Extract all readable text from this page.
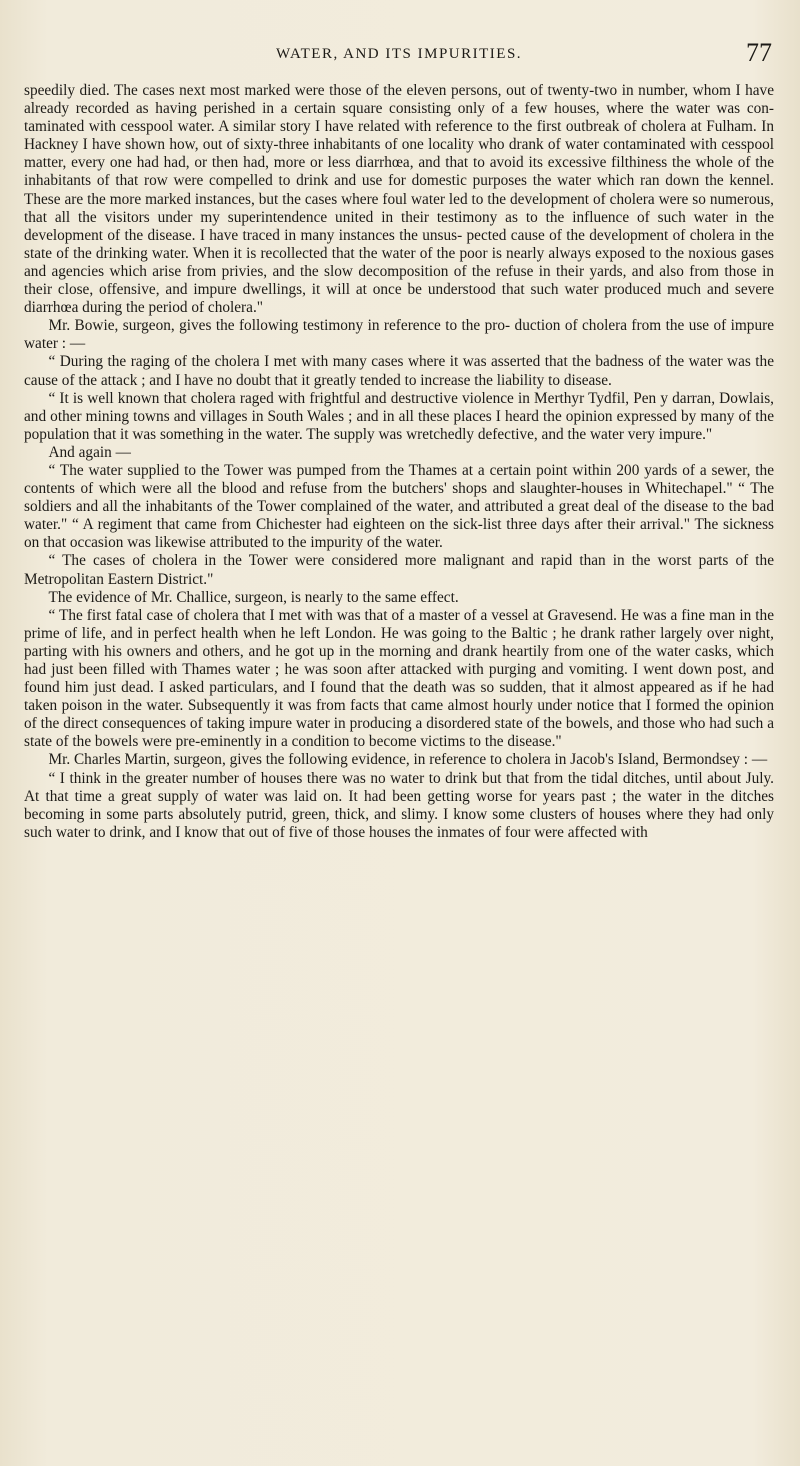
WATER, AND ITS IMPURITIES.	77

speedily died. The cases next most marked were those of the eleven persons, out of twenty-two in number, whom I have already recorded as having perished in a certain square consisting only of a few houses, where the water was con- taminated with cesspool water. A similar story I have related with reference to the first outbreak of cholera at Fulham. In Hackney I have shown how, out of sixty-three inhabitants of one locality who drank of water contaminated with cesspool matter, every one had had, or then had, more or less diarrhœa, and that to avoid its excessive filthiness the whole of the inhabitants of that row were compelled to drink and use for domestic purposes the water which ran down the kennel. These are the more marked instances, but the cases where foul water led to the development of cholera were so numerous, that all the visitors under my superintendence united in their testimony as to the influence of such water in the development of the disease. I have traced in many instances the unsus- pected cause of the development of cholera in the state of the drinking water. When it is recollected that the water of the poor is nearly always exposed to the noxious gases and agencies which arise from privies, and the slow decomposition of the refuse in their yards, and also from those in their close, offensive, and impure dwellings, it will at once be understood that such water produced much and severe diarrhœa during the period of cholera."

Mr. Bowie, surgeon, gives the following testimony in reference to the pro- duction of cholera from the use of impure water : —

“ During the raging of the cholera I met with many cases where it was asserted that the badness of the water was the cause of the attack ; and I have no doubt that it greatly tended to increase the liability to disease.

“ It is well known that cholera raged with frightful and destructive violence in Merthyr Tydfil, Pen y darran, Dowlais, and other mining towns and villages in South Wales ; and in all these places I heard the opinion expressed by many of the population that it was something in the water. The supply was wretchedly defective, and the water very impure."

And again —

“ The water supplied to the Tower was pumped from the Thames at a certain point within 200 yards of a sewer, the contents of which were all the blood and refuse from the butchers' shops and slaughter-houses in Whitechapel." “ The soldiers and all the inhabitants of the Tower complained of the water, and attributed a great deal of the disease to the bad water." “ A regiment that came from Chichester had eighteen on the sick-list three days after their arrival." The sickness on that occasion was likewise attributed to the impurity of the water.

“ The cases of cholera in the Tower were considered more malignant and rapid than in the worst parts of the Metropolitan Eastern District."

The evidence of Mr. Challice, surgeon, is nearly to the same effect.

“ The first fatal case of cholera that I met with was that of a master of a vessel at Gravesend. He was a fine man in the prime of life, and in perfect health when he left London. He was going to the Baltic ; he drank rather largely over night, parting with his owners and others, and he got up in the morning and drank heartily from one of the water casks, which had just been filled with Thames water ; he was soon after attacked with purging and vomiting. I went down post, and found him just dead. I asked particulars, and I found that the death was so sudden, that it almost appeared as if he had taken poison in the water. Subsequently it was from facts that came almost hourly under notice that I formed the opinion of the direct consequences of taking impure water in producing a disordered state of the bowels, and those who had such a state of the bowels were pre-eminently in a condition to become victims to the disease."

Mr. Charles Martin, surgeon, gives the following evidence, in reference to cholera in Jacob's Island, Bermondsey : —

“ I think in the greater number of houses there was no water to drink but that from the tidal ditches, until about July. At that time a great supply of water was laid on. It had been getting worse for years past ; the water in the ditches becoming in some parts absolutely putrid, green, thick, and slimy. I know some clusters of houses where they had only such water to drink, and I know that out of five of those houses the inmates of four were affected with
